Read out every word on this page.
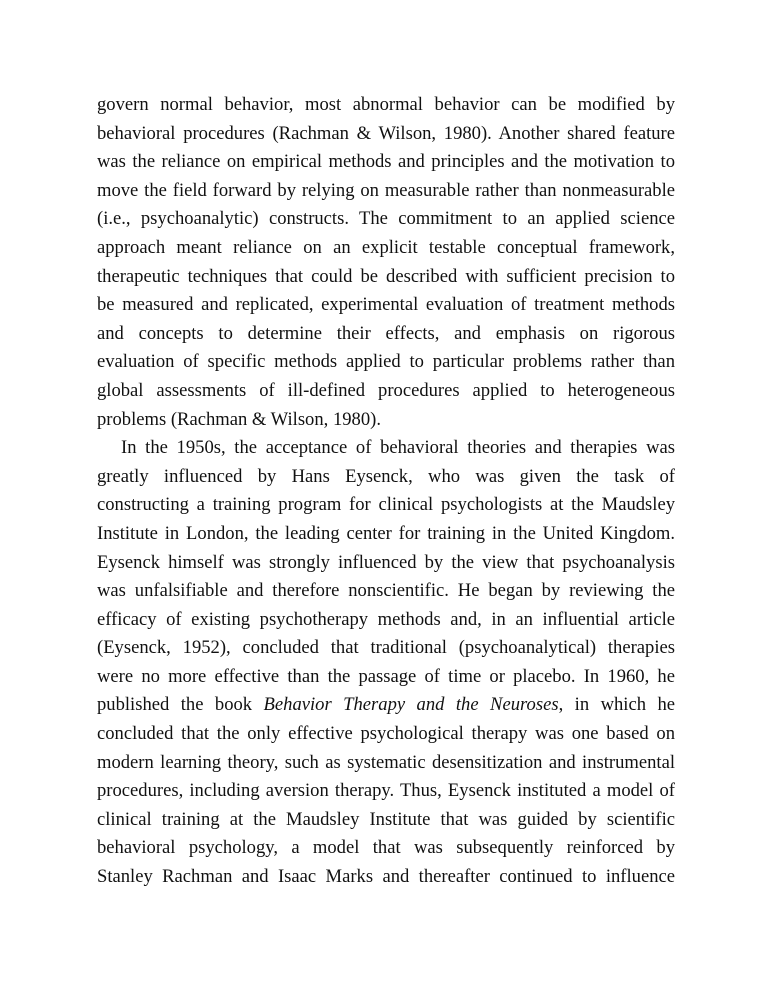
govern normal behavior, most abnormal behavior can be modified by
behavioral procedures (Rachman & Wilson, 1980). Another shared feature
was the reliance on empirical methods and principles and the motivation to
move the field forward by relying on measurable rather than nonmeasurable
(i.e., psychoanalytic) constructs. The commitment to an applied science
approach meant reliance on an explicit testable conceptual framework,
therapeutic techniques that could be described with sufficient precision to
be measured and replicated, experimental evaluation of treatment methods
and concepts to determine their effects, and emphasis on rigorous
evaluation of specific methods applied to particular problems rather than
global assessments of ill-defined procedures applied to heterogeneous
problems (Rachman & Wilson, 1980).
In the 1950s, the acceptance of behavioral theories and therapies was
greatly influenced by Hans Eysenck, who was given the task of
constructing a training program for clinical psychologists at the Maudsley
Institute in London, the leading center for training in the United Kingdom.
Eysenck himself was strongly influenced by the view that psychoanalysis
was unfalsifiable and therefore nonscientific. He began by reviewing the
efficacy of existing psychotherapy methods and, in an influential article
(Eysenck, 1952), concluded that traditional (psychoanalytical) therapies
were no more effective than the passage of time or placebo. In 1960, he
published the book Behavior Therapy and the Neuroses, in which he
concluded that the only effective psychological therapy was one based on
modern learning theory, such as systematic desensitization and instrumental
procedures, including aversion therapy. Thus, Eysenck instituted a model of
clinical training at the Maudsley Institute that was guided by scientific
behavioral psychology, a model that was subsequently reinforced by
Stanley Rachman and Isaac Marks and thereafter continued to influence
